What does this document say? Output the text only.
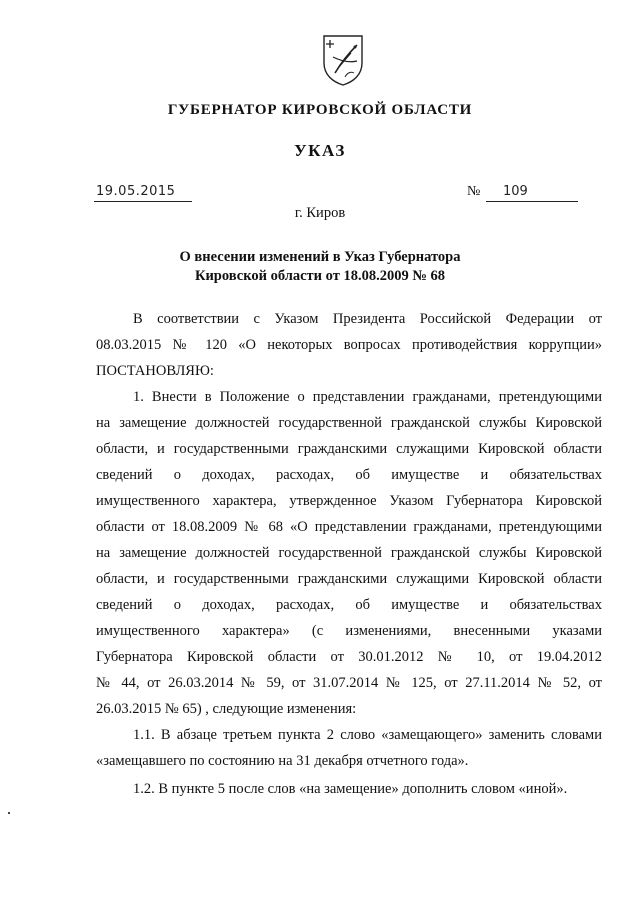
ГУБЕРНАТОР КИРОВСКОЙ ОБЛАСТИ
УКАЗ
19.05.2015	№ 109
г. Киров
О внесении изменений в Указ Губернатора
Кировской области от 18.08.2009 № 68

В соответствии с Указом Президента Российской Федерации от

08.03.2015 № 120 «О некоторых вопросах противодействия коррупции»

ПОСТАНОВЛЯЮ:

1. Внести в Положение о представлении гражданами, претендующими

на замещение должностей государственной гражданской службы Кировской

области, и государственными гражданскими служащими Кировской области

сведений о доходах, расходах, об имуществе и обязательствах

имущественного характера, утвержденное Указом Губернатора Кировской

области от 18.08.2009 № 68 «О представлении гражданами, претендующими

на замещение должностей государственной гражданской службы Кировской

области, и государственными гражданскими служащими Кировской области

сведений о доходах, расходах, об имуществе и обязательствах

имущественного характера» (с изменениями, внесенными указами

Губернатора Кировской области от 30.01.2012 № 10, от 19.04.2012

№ 44, от 26.03.2014 № 59, от 31.07.2014 № 125, от 27.11.2014 № 52, от

26.03.2015 № 65) , следующие изменения:

1.1. В абзаце третьем пункта 2 слово «замещающего» заменить словами

«замещавшего по состоянию на 31 декабря отчетного года».

1.2. В пункте 5 после слов «на замещение» дополнить словом «иной».
